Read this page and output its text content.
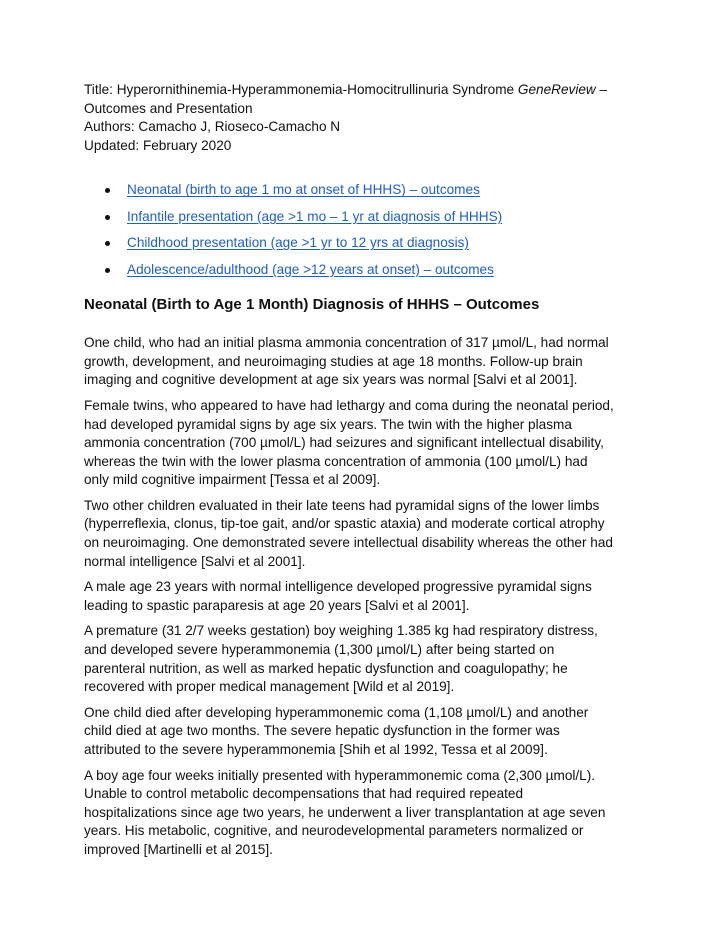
Title: Hyperornithinemia-Hyperammonemia-Homocitrullinuria Syndrome GeneReview –

Outcomes and Presentation

Authors: Camacho J, Rioseco-Camacho N

Updated: February 2020

Neonatal (birth to age 1 mo at onset of HHHS) – outcomes
Infantile presentation (age >1 mo – 1 yr at diagnosis of HHHS)
Childhood presentation (age >1 yr to 12 yrs at diagnosis)
Adolescence/adulthood (age >12 years at onset) – outcomes
Neonatal (Birth to Age 1 Month) Diagnosis of HHHS – Outcomes

One child, who had an initial plasma ammonia concentration of 317 µmol/L, had normal
growth, development, and neuroimaging studies at age 18 months. Follow-up brain
imaging and cognitive development at age six years was normal [Salvi et al 2001].

Female twins, who appeared to have had lethargy and coma during the neonatal period,
had developed pyramidal signs by age six years. The twin with the higher plasma
ammonia concentration (700 µmol/L) had seizures and significant intellectual disability,
whereas the twin with the lower plasma concentration of ammonia (100 µmol/L) had
only mild cognitive impairment [Tessa et al 2009].

Two other children evaluated in their late teens had pyramidal signs of the lower limbs
(hyperreflexia, clonus, tip-toe gait, and/or spastic ataxia) and moderate cortical atrophy
on neuroimaging. One demonstrated severe intellectual disability whereas the other had
normal intelligence [Salvi et al 2001].

A male age 23 years with normal intelligence developed progressive pyramidal signs
leading to spastic paraparesis at age 20 years [Salvi et al 2001].

A premature (31 2/7 weeks gestation) boy weighing 1.385 kg had respiratory distress,
and developed severe hyperammonemia (1,300 µmol/L) after being started on
parenteral nutrition, as well as marked hepatic dysfunction and coagulopathy; he
recovered with proper medical management [Wild et al 2019].

One child died after developing hyperammonemic coma (1,108 µmol/L) and another
child died at age two months. The severe hepatic dysfunction in the former was
attributed to the severe hyperammonemia [Shih et al 1992, Tessa et al 2009].

A boy age four weeks initially presented with hyperammonemic coma (2,300 µmol/L).
Unable to control metabolic decompensations that had required repeated
hospitalizations since age two years, he underwent a liver transplantation at age seven
years. His metabolic, cognitive, and neurodevelopmental parameters normalized or
improved [Martinelli et al 2015].
